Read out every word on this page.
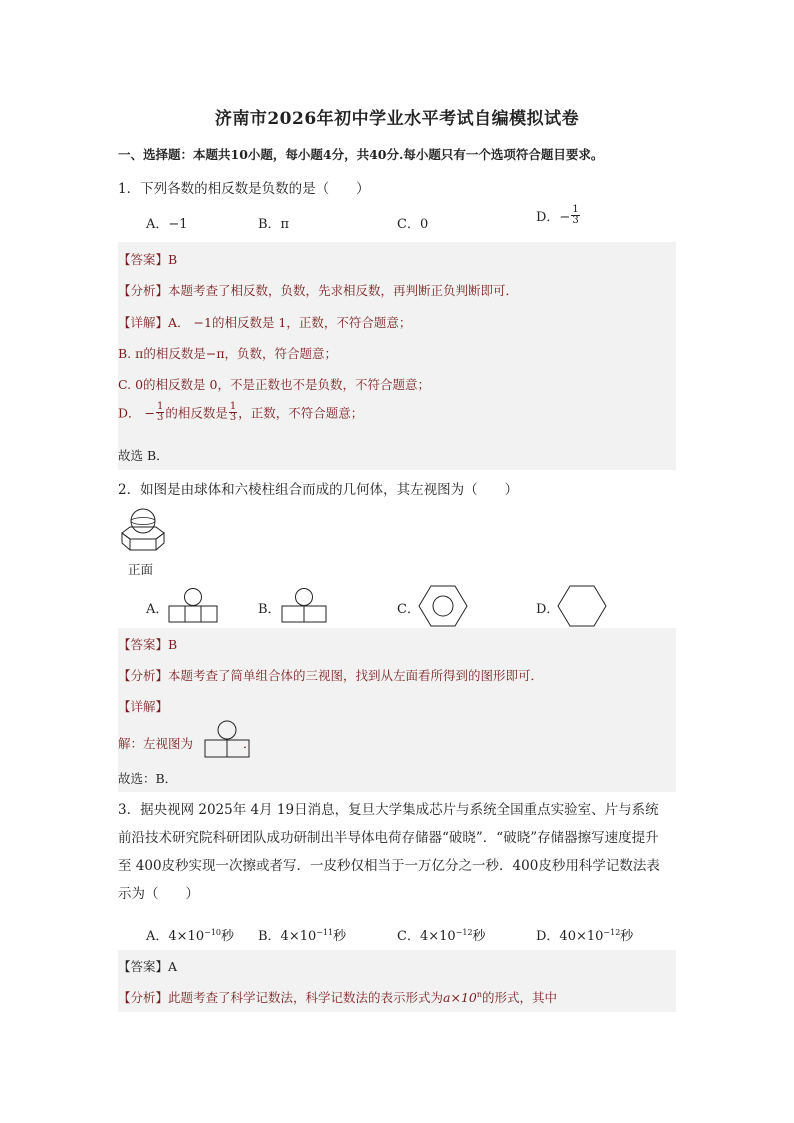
济南市2026年初中学业水平考试自编模拟试卷
一、选择题：本题共10小题，每小题4分，共40分.每小题只有一个选项符合题目要求。
1．下列各数的相反数是负数的是（　　）
A．−1	B．π	C．0	D．− $\frac{1}{3}$
【答案】B
【分析】本题考查了相反数，负数，先求相反数，再判断正负判断即可．
【详解】A． −1的相反数是 1，正数，不符合题意；
B. π的相反数是−π，负数，符合题意；
C. 0的相反数是 0，不是正数也不是负数，不符合题意；
D． − $\frac{1}{3}$ 的相反数是 $\frac{1}{3}$ ，正数，不符合题意；
故选 B．
2．如图是由球体和六棱柱组合而成的几何体，其左视图为（　　）
正面
A．	B．	C．	D．
【答案】B
【分析】本题考查了简单组合体的三视图，找到从左面看所得到的图形即可．
【详解】
解：左视图为	．
故选：B．
3．据央视网 2025年 4月 19日消息，复旦大学集成芯片与系统全国重点实验室、片与系统
前沿技术研究院科研团队成功研制出半导体电荷存储器“破晓”．“破晓”存储器擦写速度提升
至 400皮秒实现一次擦或者写．一皮秒仅相当于一万亿分之一秒．400皮秒用科学记数法表
示为（　　）
A．$4\times 10^{-10}$秒 B．$4\times 10^{-11}$秒	C．$4\times 10^{-12}$秒	D．$40\times 10^{-12}$秒
【答案】A
【分析】此题考查了科学记数法，科学记数法的表示形式为$a\times 10^n$的形式，其中
